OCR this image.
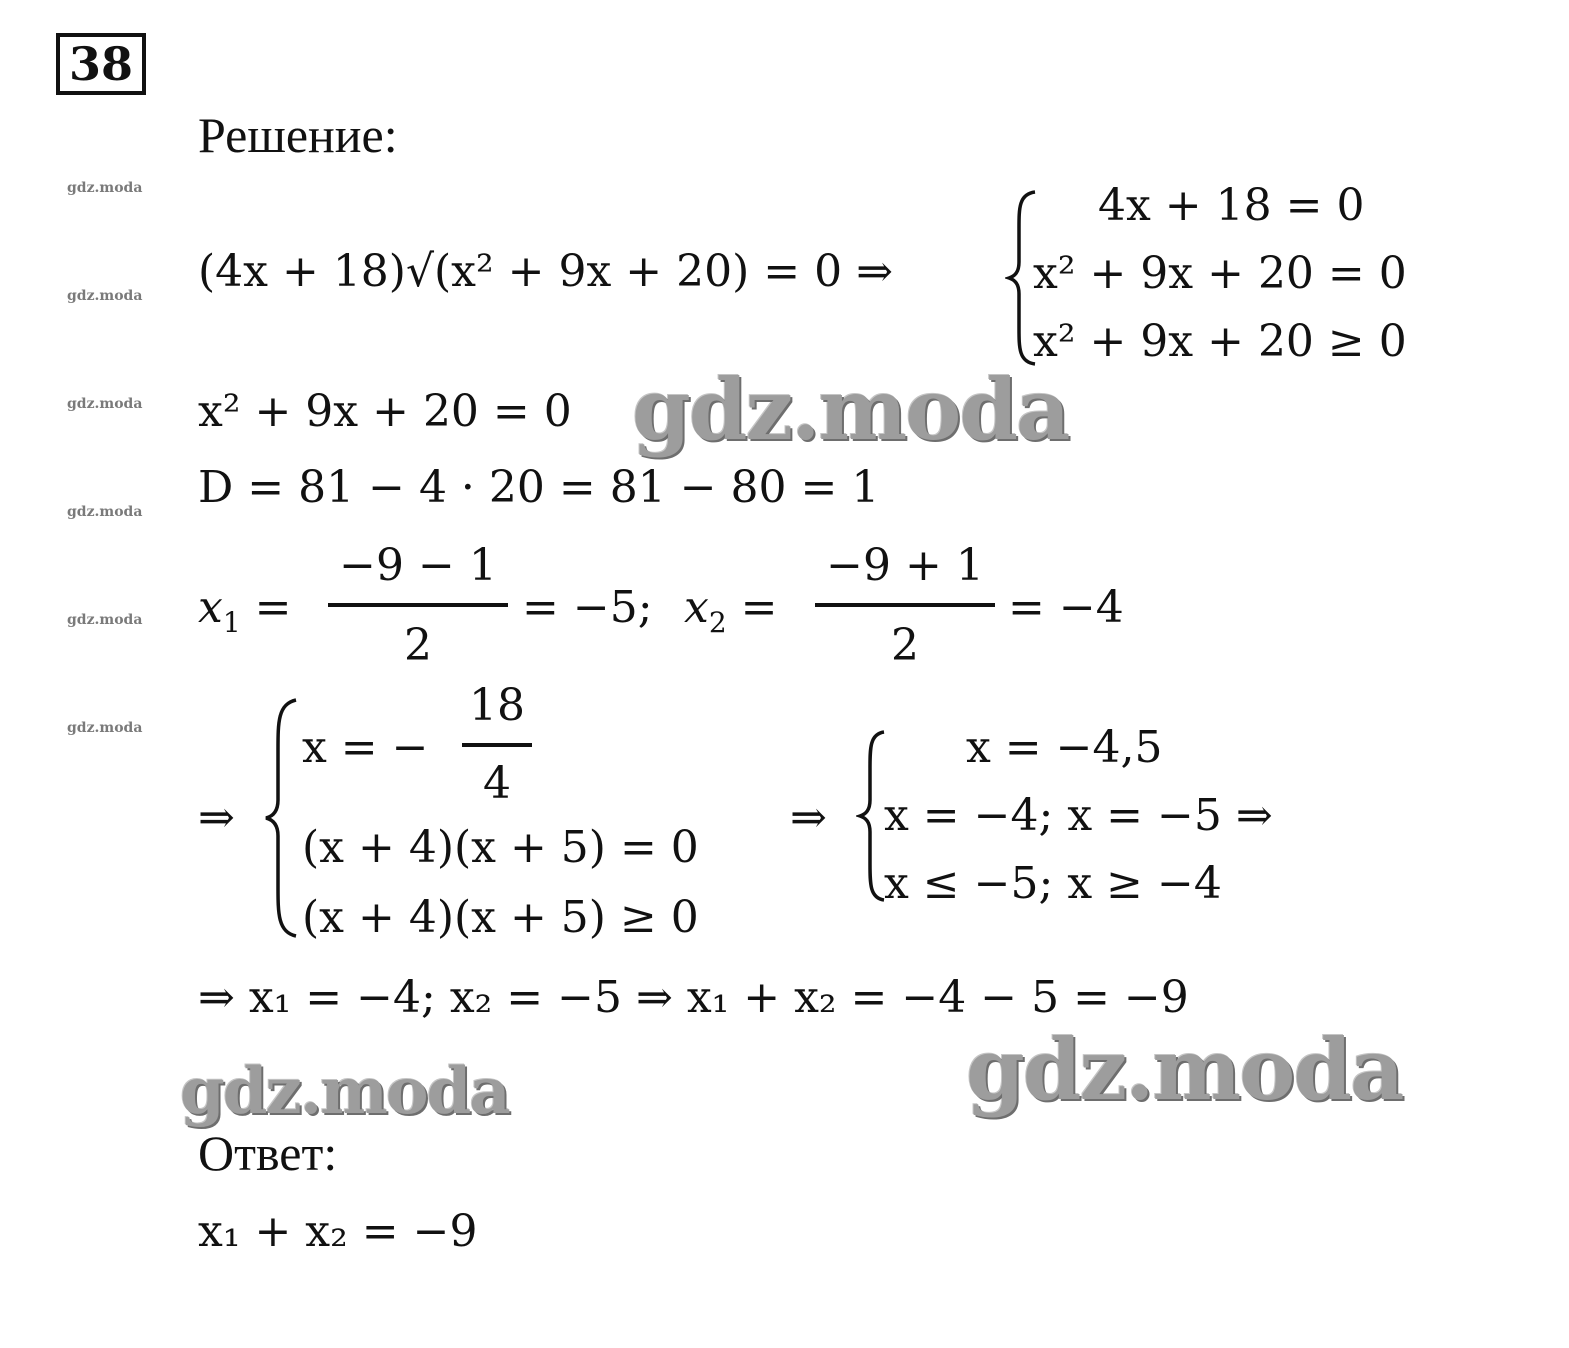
38
gdz.moda
gdz.moda
gdz.moda
gdz.moda
gdz.moda
gdz.moda
Решение:
(4x + 18)√(x² + 9x + 20) = 0 ⇒
4x + 18 = 0
x² + 9x + 20 = 0
x² + 9x + 20 ≥ 0
x² + 9x + 20 = 0 gdz.moda
D = 81 − 4 · 20 = 81 − 80 = 1
$x_1$ =
−9 − 1
2
= −5; $x_2$ =
−9 + 1
2
= −4
⇒
x = −
18
4
(x + 4)(x + 5) = 0
(x + 4)(x + 5) ≥ 0
⇒
x = −4,5
x = −4; x = −5 ⇒
x ≤ −5; x ≥ −4
⇒ x₁ = −4; x₂ = −5 ⇒ x₁ + x₂ = −4 − 5 = −9
gdz.moda	gdz.moda
Ответ:
x₁ + x₂ = −9
